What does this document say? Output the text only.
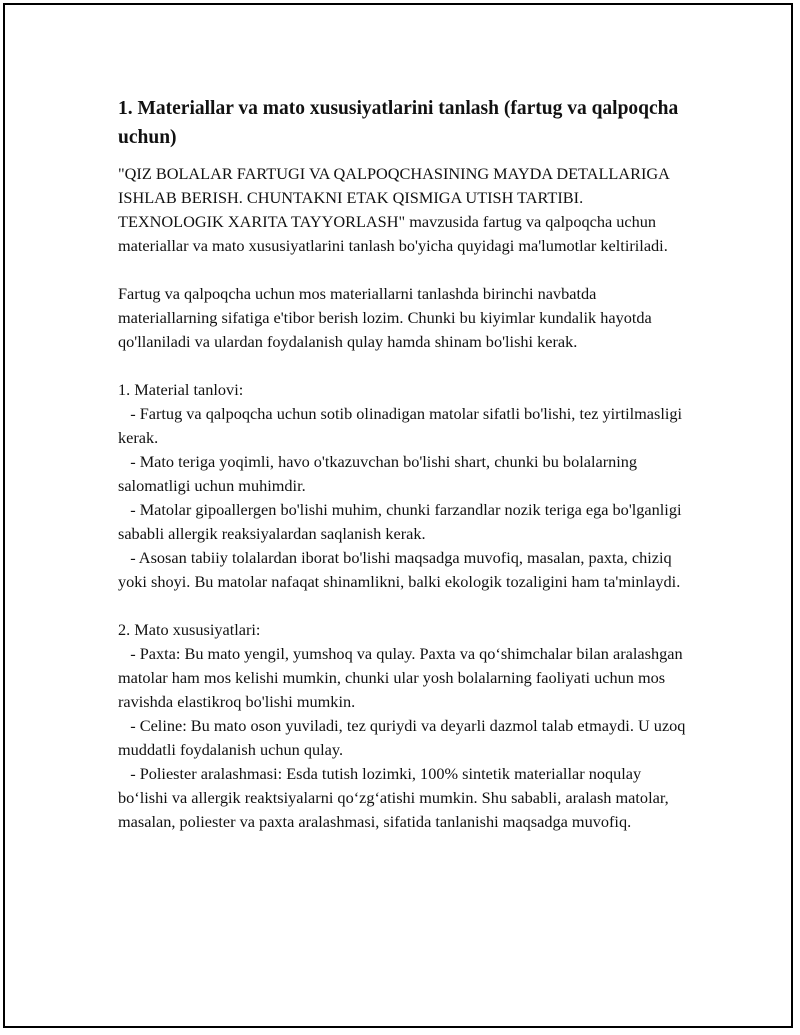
1. Materiallar va mato xususiyatlarini tanlash (fartug va qalpoqcha uchun)
"QIZ BOLALAR FARTUGI VA QALPOQCHASINING MAYDA DETALLARIGA ISHLAB BERISH. CHUNTAKNI ETAK QISMIGA UTISH TARTIBI. TEXNOLOGIK XARITA TAYYORLASH" mavzusida fartug va qalpoqcha uchun materiallar va mato xususiyatlarini tanlash bo'yicha quyidagi ma'lumotlar keltiriladi.
Fartug va qalpoqcha uchun mos materiallarni tanlashda birinchi navbatda materiallarning sifatiga e'tibor berish lozim. Chunki bu kiyimlar kundalik hayotda qo'llaniladi va ulardan foydalanish qulay hamda shinam bo'lishi kerak.
1. Material tanlovi:
- Fartug va qalpoqcha uchun sotib olinadigan matolar sifatli bo'lishi, tez yirtilmasligi kerak.
- Mato teriga yoqimli, havo o'tkazuvchan bo'lishi shart, chunki bu bolalarning salomatligi uchun muhimdir.
- Matolar gipoallergen bo'lishi muhim, chunki farzandlar nozik teriga ega bo'lganligi sababli allergik reaksiyalardan saqlanish kerak.
- Asosan tabiiy tolalardan iborat bo'lishi maqsadga muvofiq, masalan, paxta, chiziq yoki shoyi. Bu matolar nafaqat shinamlikni, balki ekologik tozaligini ham ta'minlaydi.
2. Mato xususiyatlari:
- Paxta: Bu mato yengil, yumshoq va qulay. Paxta va qo‘shimchalar bilan aralashgan matolar ham mos kelishi mumkin, chunki ular yosh bolalarning faoliyati uchun mos ravishda elastikroq bo'lishi mumkin.
- Celine: Bu mato oson yuviladi, tez quriydi va deyarli dazmol talab etmaydi. U uzoq muddatli foydalanish uchun qulay.
- Poliester aralashmasi: Esda tutish lozimki, 100% sintetik materiallar noqulay bo‘lishi va allergik reaktsiyalarni qo‘zg‘atishi mumkin. Shu sababli, aralash matolar, masalan, poliester va paxta aralashmasi, sifatida tanlanishi maqsadga muvofiq.
